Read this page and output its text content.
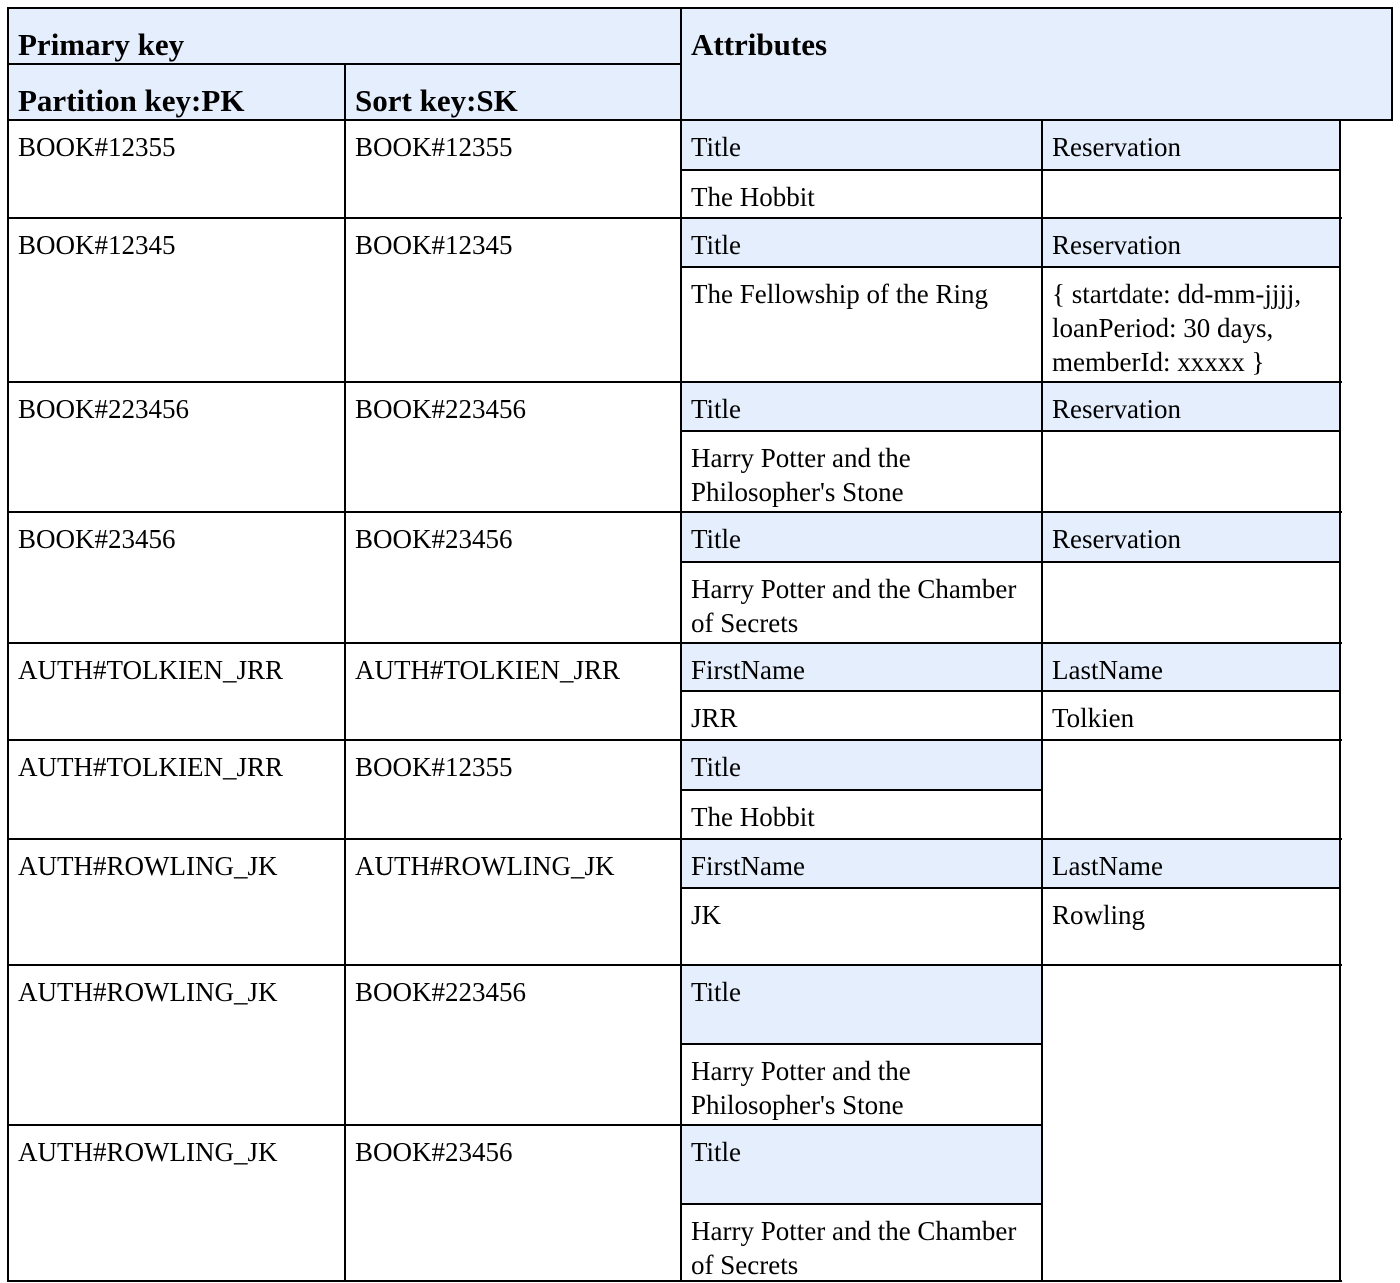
Primary key	Attributes
Partition key:PK	Sort key:SK
BOOK#12355	BOOK#12355	Title	Reservation
The Hobbit
BOOK#12345	BOOK#12345	Title	Reservation
The Fellowship of the Ring	{ startdate: dd-mm-jjjj,
loanPeriod: 30 days,
memberId: xxxxx }
BOOK#223456	BOOK#223456	Title	Reservation
Harry Potter and the
Philosopher's Stone
BOOK#23456	BOOK#23456	Title	Reservation
Harry Potter and the Chamber
of Secrets
AUTH#TOLKIEN_JRR	AUTH#TOLKIEN_JRR	FirstName	LastName
JRR	Tolkien
AUTH#TOLKIEN_JRR	BOOK#12355	Title
The Hobbit
AUTH#ROWLING_JK	AUTH#ROWLING_JK	FirstName	LastName
JK	Rowling
AUTH#ROWLING_JK	BOOK#223456	Title
Harry Potter and the
Philosopher's Stone
AUTH#ROWLING_JK	BOOK#23456	Title
Harry Potter and the Chamber
of Secrets
